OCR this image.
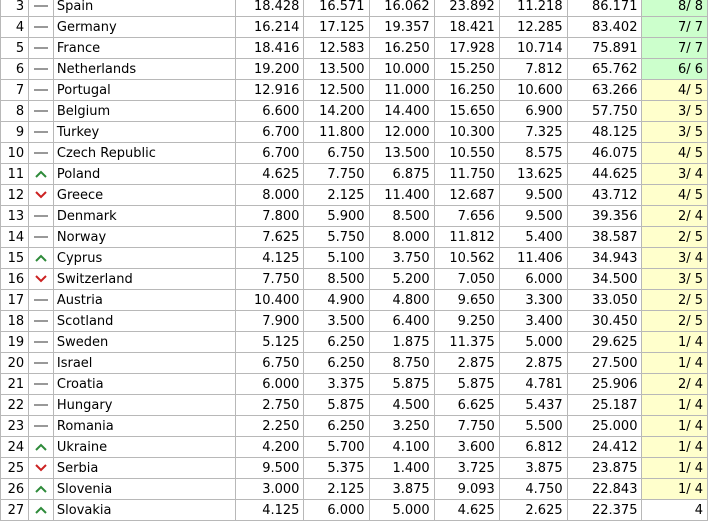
3		Spain	18.428	16.571	16.062	23.892	11.218	86.171	8/ 8
4		Germany	16.214	17.125	19.357	18.421	12.285	83.402	7/ 7
5		France	18.416	12.583	16.250	17.928	10.714	75.891	7/ 7
6		Netherlands	19.200	13.500	10.000	15.250	7.812	65.762	6/ 6
7		Portugal	12.916	12.500	11.000	16.250	10.600	63.266	4/ 5
8		Belgium	6.600	14.200	14.400	15.650	6.900	57.750	3/ 5
9		Turkey	6.700	11.800	12.000	10.300	7.325	48.125	3/ 5
10		Czech Republic	6.700	6.750	13.500	10.550	8.575	46.075	4/ 5
11		Poland	4.625	7.750	6.875	11.750	13.625	44.625	3/ 4
12		Greece	8.000	2.125	11.400	12.687	9.500	43.712	4/ 5
13		Denmark	7.800	5.900	8.500	7.656	9.500	39.356	2/ 4
14		Norway	7.625	5.750	8.000	11.812	5.400	38.587	2/ 5
15		Cyprus	4.125	5.100	3.750	10.562	11.406	34.943	3/ 4
16		Switzerland	7.750	8.500	5.200	7.050	6.000	34.500	3/ 5
17		Austria	10.400	4.900	4.800	9.650	3.300	33.050	2/ 5
18		Scotland	7.900	3.500	6.400	9.250	3.400	30.450	2/ 5
19		Sweden	5.125	6.250	1.875	11.375	5.000	29.625	1/ 4
20		Israel	6.750	6.250	8.750	2.875	2.875	27.500	1/ 4
21		Croatia	6.000	3.375	5.875	5.875	4.781	25.906	2/ 4
22		Hungary	2.750	5.875	4.500	6.625	5.437	25.187	1/ 4
23		Romania	2.250	6.250	3.250	7.750	5.500	25.000	1/ 4
24		Ukraine	4.200	5.700	4.100	3.600	6.812	24.412	1/ 4
25		Serbia	9.500	5.375	1.400	3.725	3.875	23.875	1/ 4
26		Slovenia	3.000	2.125	3.875	9.093	4.750	22.843	1/ 4
27		Slovakia	4.125	6.000	5.000	4.625	2.625	22.375	4
